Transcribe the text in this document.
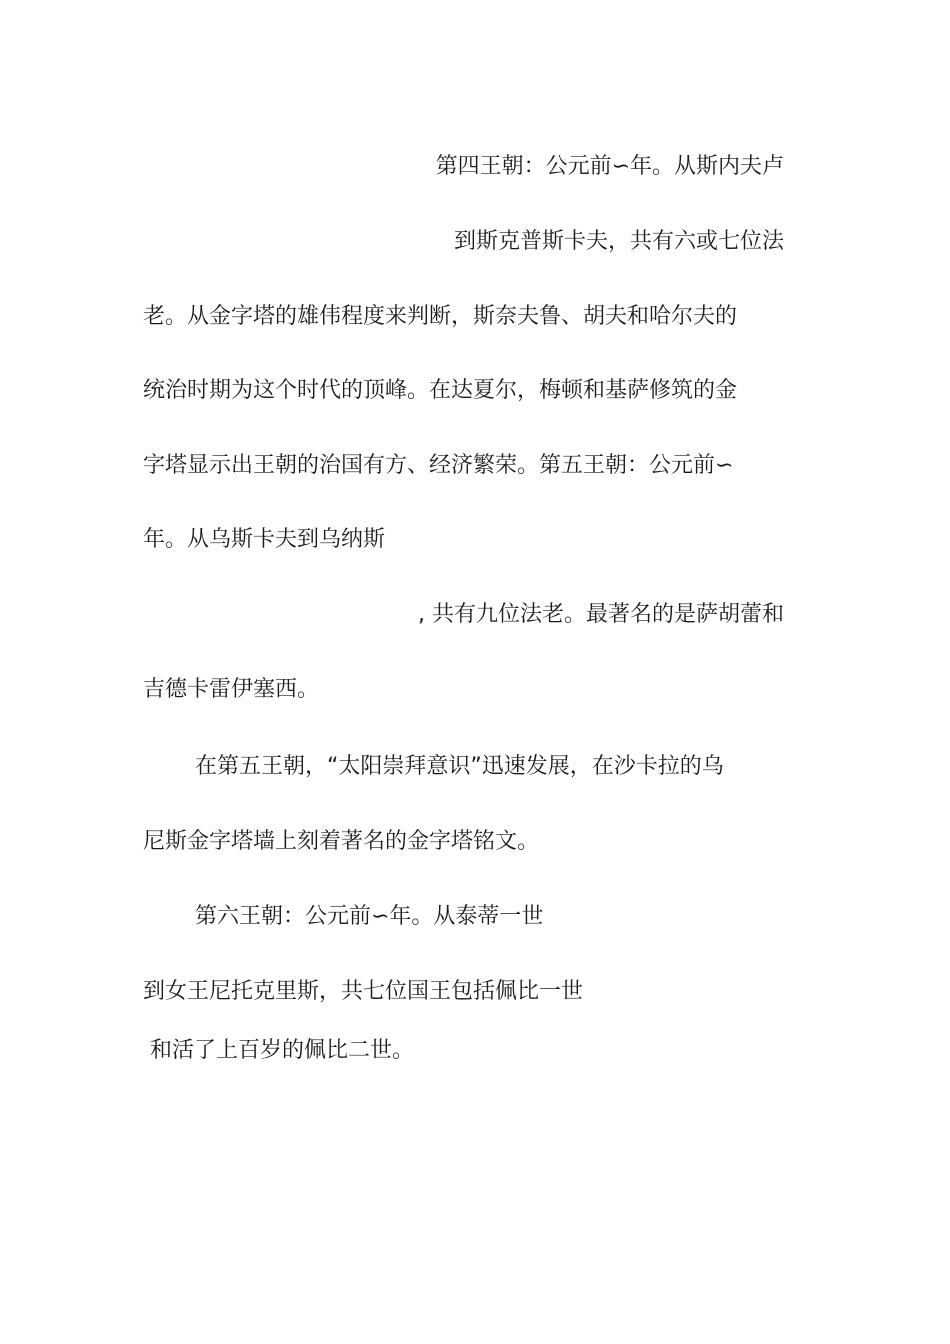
第四王朝：公元前∽年。从斯内夫卢
到斯克普斯卡夫，共有六或七位法
老。从金字塔的雄伟程度来判断，斯奈夫鲁、胡夫和哈尔夫的
统治时期为这个时代的顶峰。在达夏尔，梅顿和基萨修筑的金
字塔显示出王朝的治国有方、经济繁荣。第五王朝：公元前∽
年。从乌斯卡夫到乌纳斯
, 共有九位法老。最著名的是萨胡蕾和
吉德卡雷伊塞西。
在第五王朝，“太阳崇拜意识”迅速发展，在沙卡拉的乌
尼斯金字塔墙上刻着著名的金字塔铭文。
第六王朝：公元前∽年。从泰蒂一世
到女王尼托克里斯，共七位国王包括佩比一世
和活了上百岁的佩比二世。
